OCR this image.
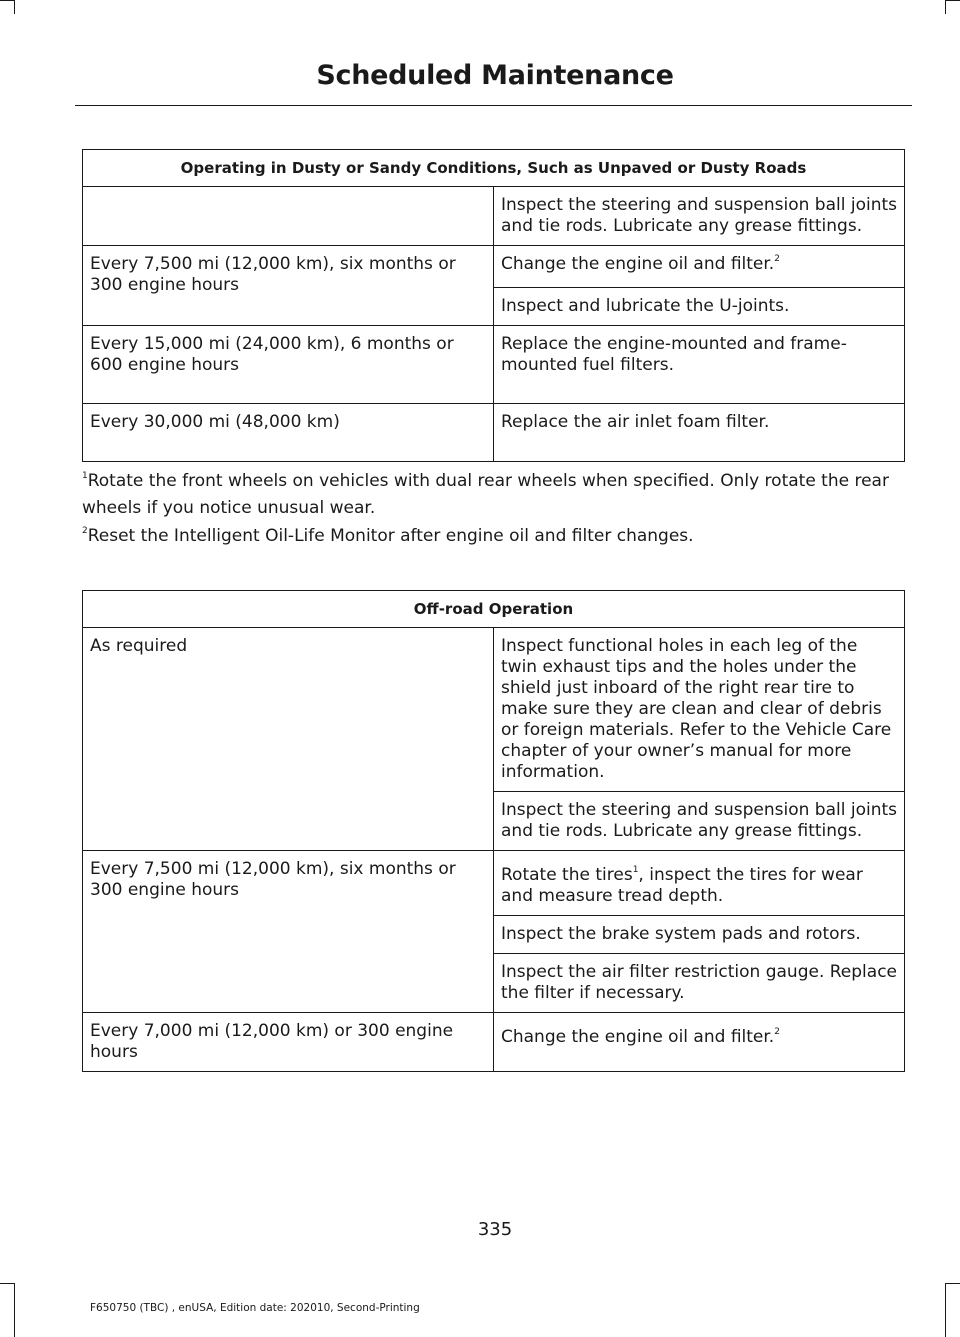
Scheduled Maintenance
Operating in Dusty or Sandy Conditions, Such as Unpaved or Dusty Roads	
	Inspect the steering and suspension ball joints and tie rods. Lubricate any grease fittings.
Every 7,500 mi (12,000 km), six months or 300 engine hours	Change the engine oil and filter.$^2$
	Inspect and lubricate the U-joints.
Every 15,000 mi (24,000 km), 6 months or 600 engine hours	Replace the engine-mounted and frame-mounted fuel filters.
Every 30,000 mi (48,000 km)	Replace the air inlet foam filter.

$^1$Rotate the front wheels on vehicles with dual rear wheels when specified. Only rotate the rear wheels if you notice unusual wear.

$^2$Reset the Intelligent Oil-Life Monitor after engine oil and filter changes.

Off-road Operation	
As required	Inspect functional holes in each leg of the twin exhaust tips and the holes under the shield just inboard of the right rear tire to make sure they are clean and clear of debris or foreign materials. Refer to the Vehicle Care chapter of your owner’s manual for more information.
	Inspect the steering and suspension ball joints and tie rods. Lubricate any grease fittings.
Every 7,500 mi (12,000 km), six months or 300 engine hours	Rotate the tires$^1$, inspect the tires for wear and measure tread depth.
	Inspect the brake system pads and rotors.
	Inspect the air filter restriction gauge. Replace the filter if necessary.
Every 7,000 mi (12,000 km) or 300 engine hours	Change the engine oil and filter.$^2$
335
F650750 (TBC) , enUSA, Edition date: 202010, Second-Printing
